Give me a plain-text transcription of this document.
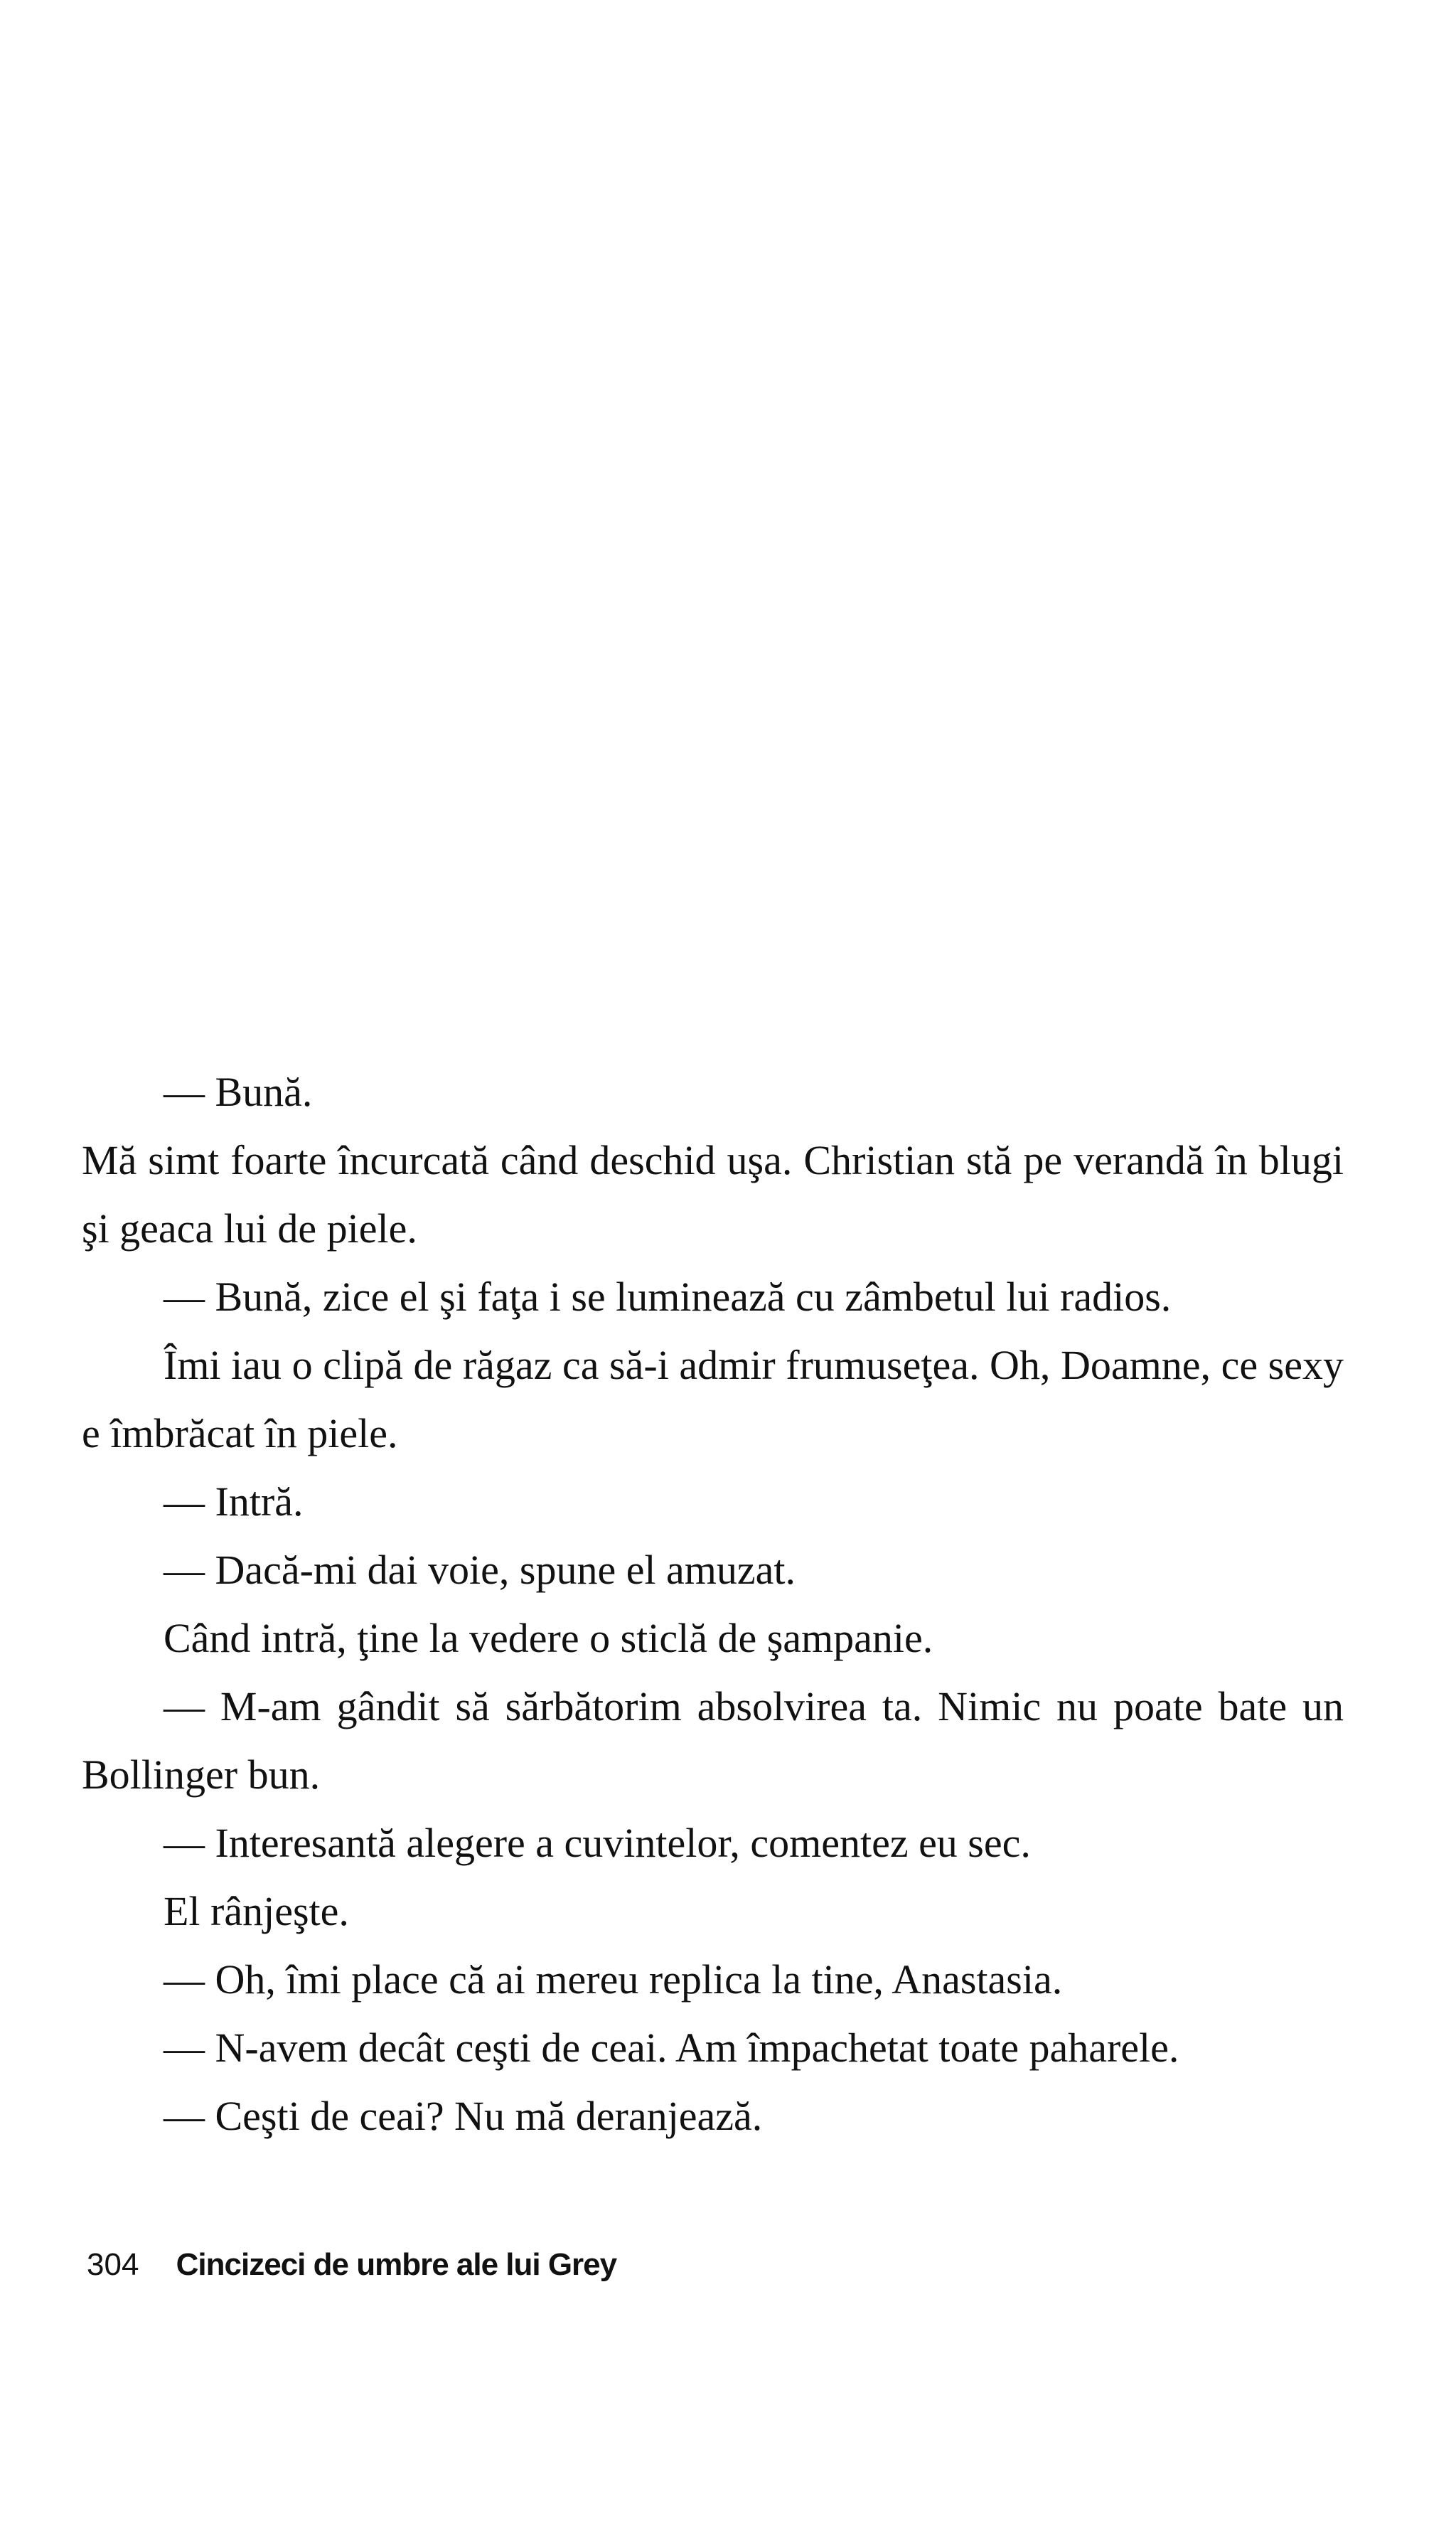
— Bună.

Mă simt foarte încurcată când deschid uşa. Christian stă pe verandă în blugi şi geaca lui de piele.

— Bună, zice el şi faţa i se luminează cu zâmbetul lui radios.

Îmi iau o clipă de răgaz ca să-i admir frumuseţea. Oh, Doamne, ce sexy e îmbrăcat în piele.

— Intră.

— Dacă-mi dai voie, spune el amuzat.

Când intră, ţine la vedere o sticlă de şampanie.

— M-am gândit să sărbătorim absolvirea ta. Nimic nu poate bate un Bollinger bun.

— Interesantă alegere a cuvintelor, comentez eu sec.

El rânjeşte.

— Oh, îmi place că ai mereu replica la tine, Anastasia.

— N-avem decât ceşti de ceai. Am împachetat toate paharele.

— Ceşti de ceai? Nu mă deranjează.

304 Cincizeci de umbre ale lui Grey
